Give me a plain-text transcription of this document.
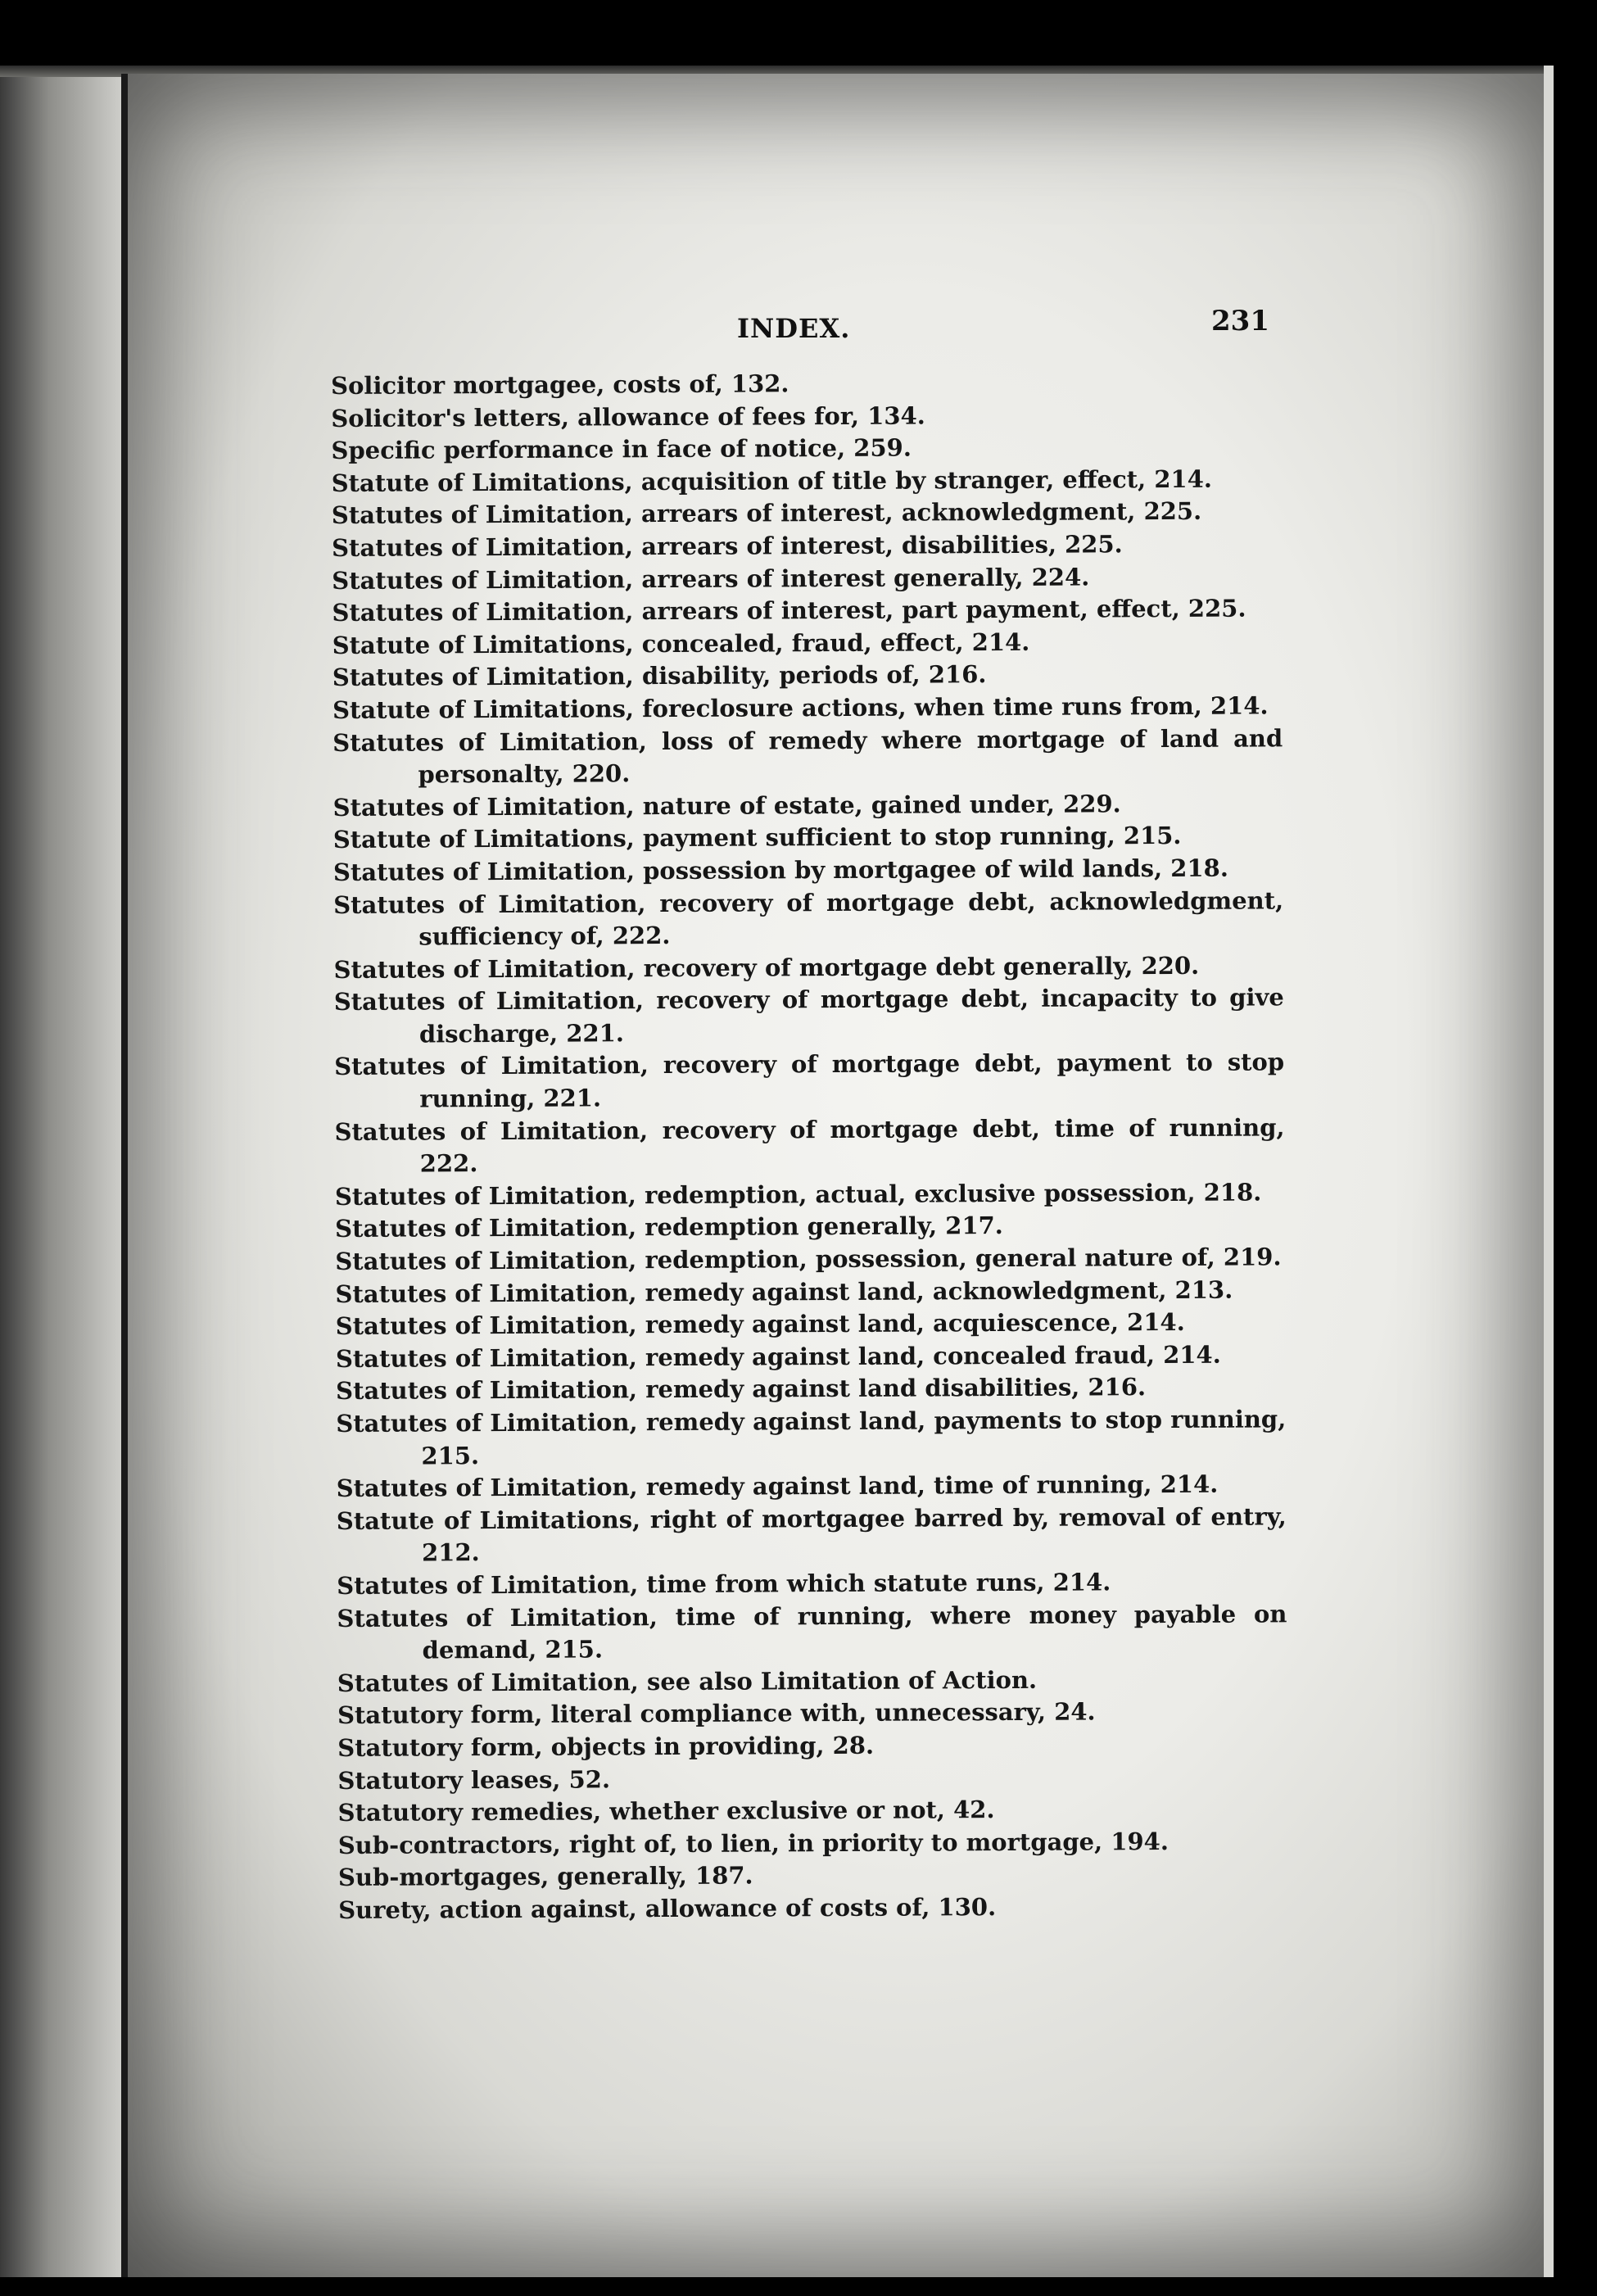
INDEX.	231
Solicitor mortgagee, costs of, 132.
Solicitor's letters, allowance of fees for, 134.
Specific performance in face of notice, 259.
Statute of Limitations, acquisition of title by stranger, effect, 214.
Statutes of Limitation, arrears of interest, acknowledgment, 225.
Statutes of Limitation, arrears of interest, disabilities, 225.
Statutes of Limitation, arrears of interest generally, 224.
Statutes of Limitation, arrears of interest, part payment, effect, 225.
Statute of Limitations, concealed, fraud, effect, 214.
Statutes of Limitation, disability, periods of, 216.
Statute of Limitations, foreclosure actions, when time runs from, 214.
Statutes of Limitation, loss of remedy where mortgage of land and personalty, 220.
Statutes of Limitation, nature of estate, gained under, 229.
Statute of Limitations, payment sufficient to stop running, 215.
Statutes of Limitation, possession by mortgagee of wild lands, 218.
Statutes of Limitation, recovery of mortgage debt, acknowledgment, sufficiency of, 222.
Statutes of Limitation, recovery of mortgage debt generally, 220.
Statutes of Limitation, recovery of mortgage debt, incapacity to give discharge, 221.
Statutes of Limitation, recovery of mortgage debt, payment to stop running, 221.
Statutes of Limitation, recovery of mortgage debt, time of running, 222.
Statutes of Limitation, redemption, actual, exclusive possession, 218.
Statutes of Limitation, redemption generally, 217.
Statutes of Limitation, redemption, possession, general nature of, 219.
Statutes of Limitation, remedy against land, acknowledgment, 213.
Statutes of Limitation, remedy against land, acquiescence, 214.
Statutes of Limitation, remedy against land, concealed fraud, 214.
Statutes of Limitation, remedy against land disabilities, 216.
Statutes of Limitation, remedy against land, payments to stop running, 215.
Statutes of Limitation, remedy against land, time of running, 214.
Statute of Limitations, right of mortgagee barred by, removal of entry, 212.
Statutes of Limitation, time from which statute runs, 214.
Statutes of Limitation, time of running, where money payable on demand, 215.
Statutes of Limitation, see also Limitation of Action.
Statutory form, literal compliance with, unnecessary, 24.
Statutory form, objects in providing, 28.
Statutory leases, 52.
Statutory remedies, whether exclusive or not, 42.
Sub-contractors, right of, to lien, in priority to mortgage, 194.
Sub-mortgages, generally, 187.
Surety, action against, allowance of costs of, 130.
